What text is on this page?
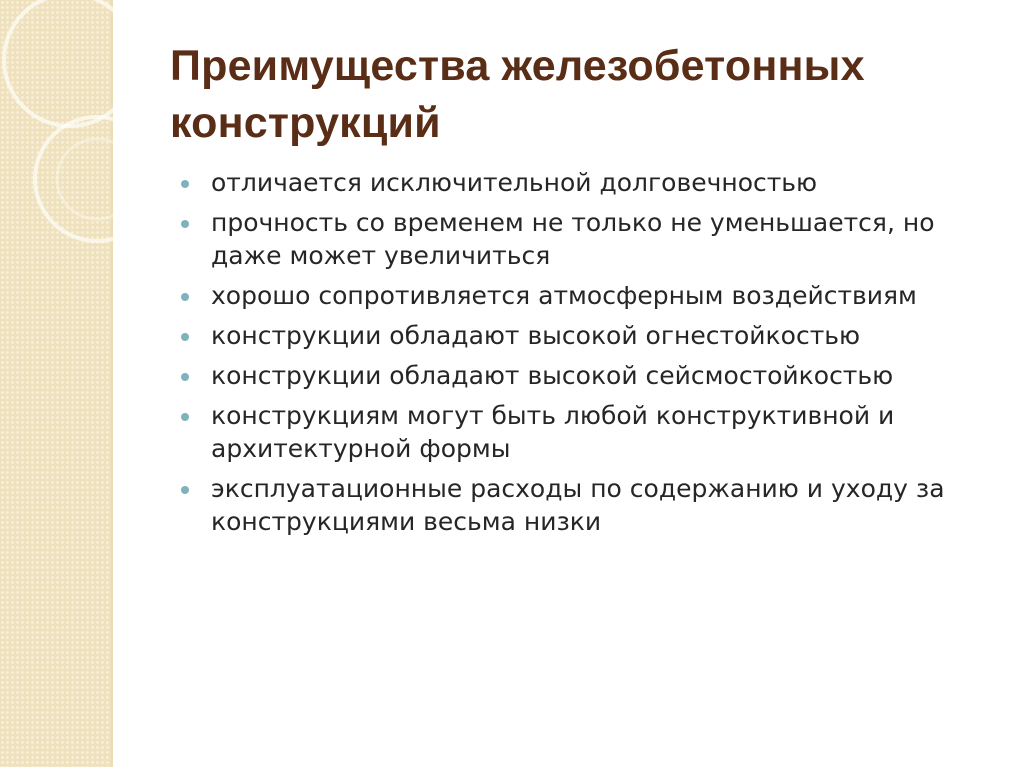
Преимущества железобетонных конструкций
отличается исключительной долговечностью
прочность со временем не только не уменьшается, но даже может увеличиться
хорошо сопротивляется атмосферным воздействиям
конструкции обладают высокой огнестойкостью
конструкции обладают высокой сейсмостойкостью
конструкциям могут быть любой конструктивной и архитектурной формы
эксплуатационные расходы по содержанию и уходу за конструкциями весьма низки
